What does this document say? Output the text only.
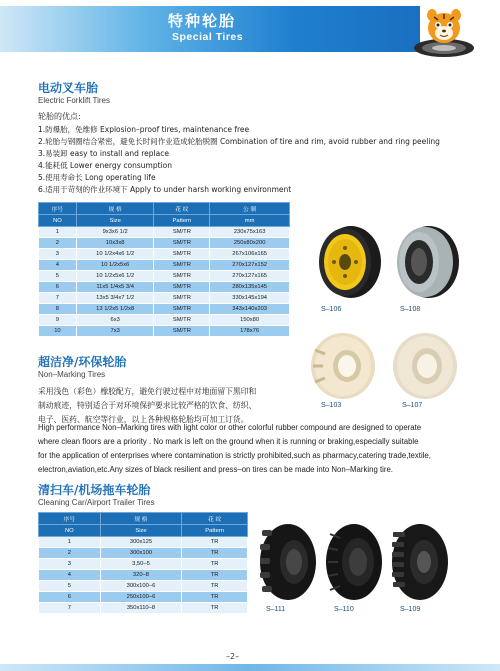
特种轮胎
Special Tires
电动叉车胎
Electric Forklift Tires
轮胎的优点:
1.防爆胎，免维修 Explosion–proof tires, maintenance free
2.轮胎与钢圈结合紧密，避免长时间作业造成轮胎脱圈 Combination of tire and rim, avoid rubber and ring peeling
3.易装卸 easy to install and replace
4.能耗低 Lower energy consumption
5.使用寿命长 Long operating life
6.适用于苛刻的作业环境下 Apply to under harsh working environment
序号	规 格	花 纹	公 制
NO	Size	Pattern	mm
1	9x3x6 1/2	SM/TR	230x75x163
2	10x3x8	SM/TR	250x80x200
3	10 1/2x4x6 1/2	SM/TR	267x106x165
4	10 1/2x5x6	SM/TR	270x127x152
5	10 1/2x5x6 1/2	SM/TR	270x127x165
6	11x5 1/4x5 3/4	SM/TR	280x135x145
7	13x5 3/4x7 1/2	SM/TR	330x145x194
8	13 1/2x5 1/2x8	SM/TR	343x140x203
9	6x3	SM/TR	150x80
10	7x3	SM/TR	178x76
S–106	S–108
超洁净/环保轮胎
Non–Marking Tires
采用浅色（彩色）橡胶配方，避免行驶过程中对地面留下黑印和
制动痕迹，特别适合于对环境保护要求比较严格的饮食、纺织、
电子、医药、航空等行业，以上各种规格轮胎均可加工订货。
S–103	S–107
High performance Non–Marking tires with light color or other colorful rubber compound are designed to operate
where clean floors are a priority . No mark is left on the ground when it is running or braking,especially suitable
for the application of enterprises where contamination is strictly prohibited,such as pharmacy,catering trade,textile,
electron,aviation,etc.Any sizes of black resilient and press–on tires can be made into Non–Marking tire.
清扫车/机场拖车轮胎
Cleaning Car/Airport Trailer Tires
序号	规 格	花 纹
NO	Size	Pattern
1	300x125	TR
2	300x100	TR
3	3,50–5	TR
4	320–8	TR
5	300x100–6	TR
6	250x100–6	TR
7	350x110–8	TR	S–111	S–110	S–109
–2–
